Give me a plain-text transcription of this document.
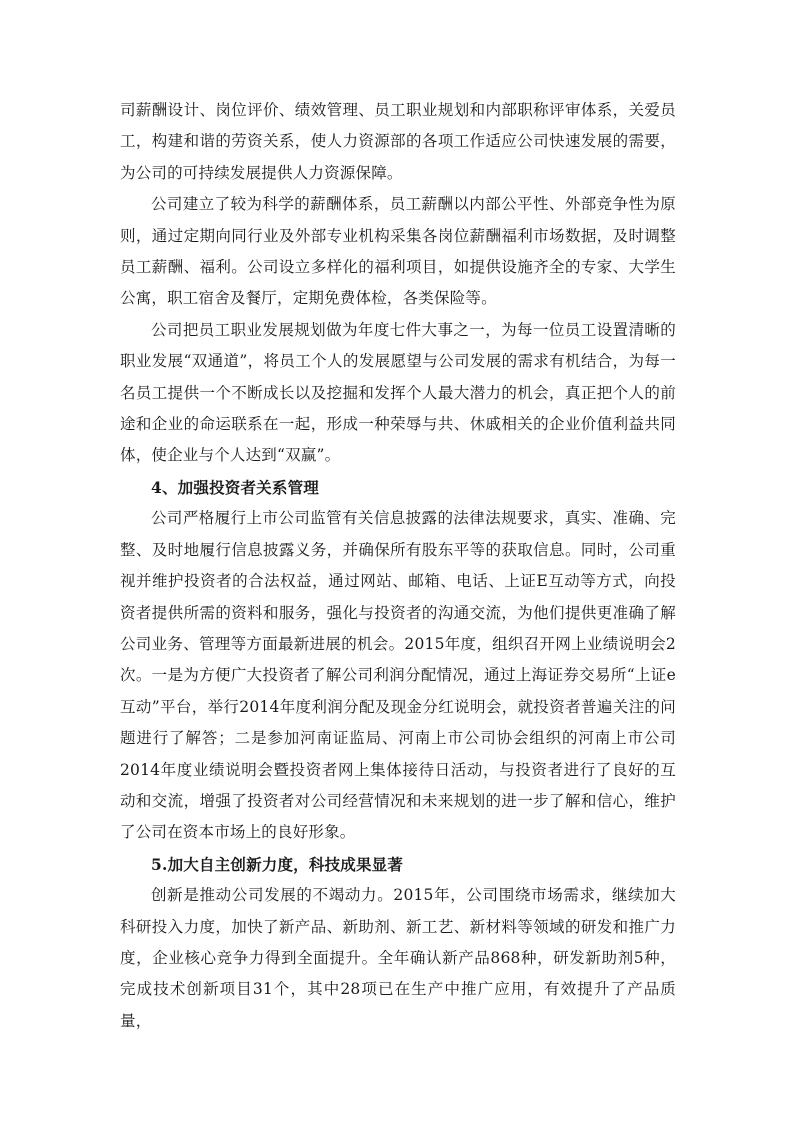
司薪酬设计、岗位评价、绩效管理、员工职业规划和内部职称评审体系，关爱员工，构建和谐的劳资关系，使人力资源部的各项工作适应公司快速发展的需要，为公司的可持续发展提供人力资源保障。

公司建立了较为科学的薪酬体系，员工薪酬以内部公平性、外部竞争性为原则，通过定期向同行业及外部专业机构采集各岗位薪酬福利市场数据，及时调整员工薪酬、福利。公司设立多样化的福利项目，如提供设施齐全的专家、大学生公寓，职工宿舍及餐厅，定期免费体检，各类保险等。

公司把员工职业发展规划做为年度七件大事之一，为每一位员工设置清晰的职业发展“双通道”，将员工个人的发展愿望与公司发展的需求有机结合，为每一名员工提供一个不断成长以及挖掘和发挥个人最大潜力的机会，真正把个人的前途和企业的命运联系在一起，形成一种荣辱与共、休戚相关的企业价值利益共同体，使企业与个人达到“双赢”。

4、加强投资者关系管理

公司严格履行上市公司监管有关信息披露的法律法规要求，真实、准确、完整、及时地履行信息披露义务，并确保所有股东平等的获取信息。同时，公司重视并维护投资者的合法权益，通过网站、邮箱、电话、上证E互动等方式，向投资者提供所需的资料和服务，强化与投资者的沟通交流，为他们提供更准确了解公司业务、管理等方面最新进展的机会。2015年度，组织召开网上业绩说明会2次。一是为方便广大投资者了解公司利润分配情况，通过上海证券交易所“上证e互动”平台，举行2014年度利润分配及现金分红说明会，就投资者普遍关注的问题进行了解答；二是参加河南证监局、河南上市公司协会组织的河南上市公司2014年度业绩说明会暨投资者网上集体接待日活动，与投资者进行了良好的互动和交流，增强了投资者对公司经营情况和未来规划的进一步了解和信心，维护了公司在资本市场上的良好形象。

5.加大自主创新力度，科技成果显著

创新是推动公司发展的不竭动力。2015年，公司围绕市场需求，继续加大科研投入力度，加快了新产品、新助剂、新工艺、新材料等领域的研发和推广力度，企业核心竞争力得到全面提升。全年确认新产品868种，研发新助剂5种，完成技术创新项目31个，其中28项已在生产中推广应用，有效提升了产品质量，
